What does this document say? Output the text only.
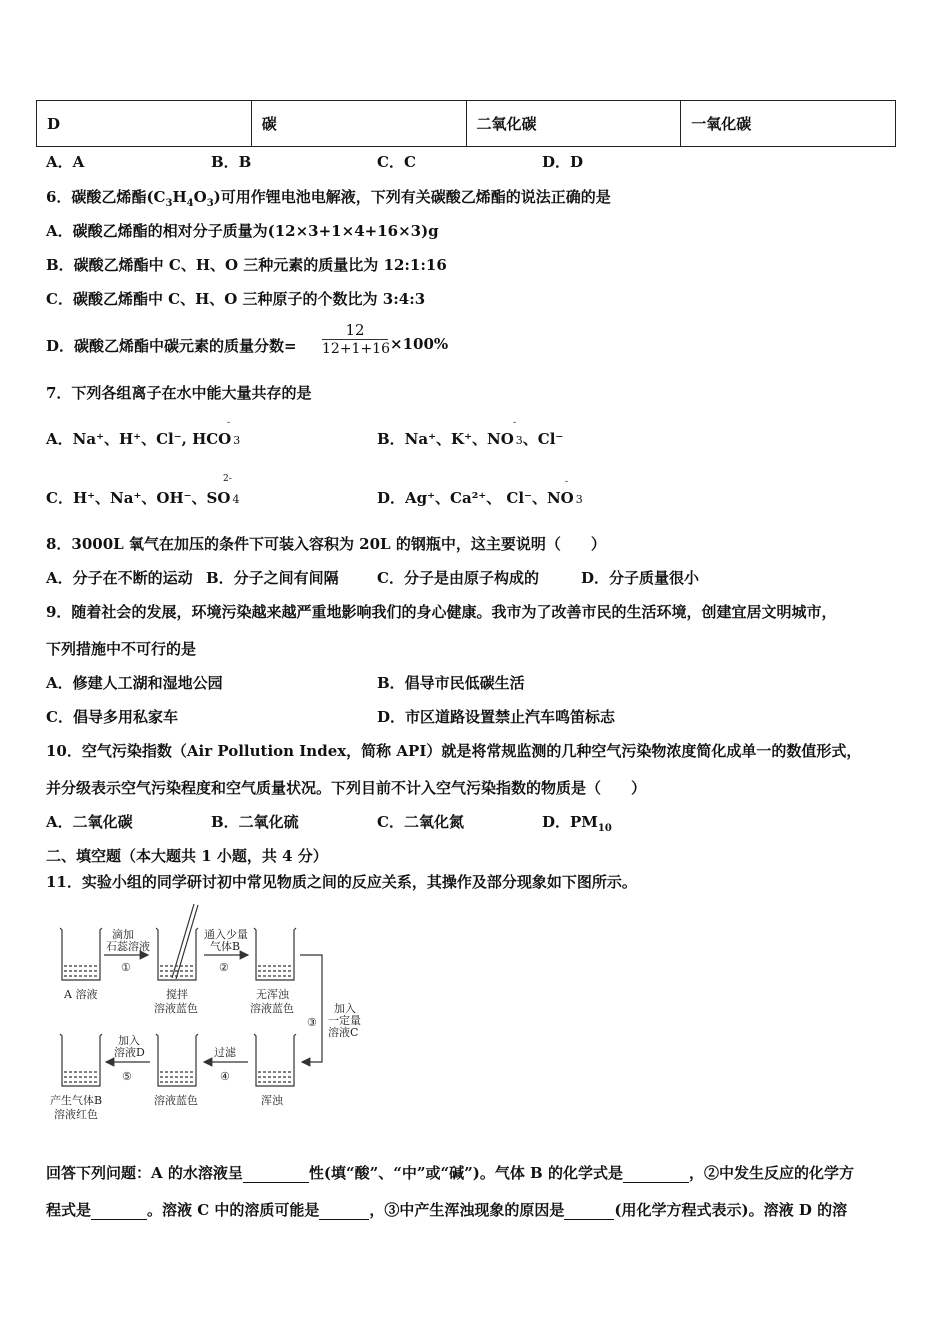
D	碳	二氧化碳	一氧化碳
A．A	B．B	C．C	D．D
6．碳酸乙烯酯$(C_3H_4O_3)$可用作锂电池电解液，下列有关碳酸乙烯酯的说法正确的是
A．碳酸乙烯酯的相对分子质量为(12×3+1×4+16×3)g
B．碳酸乙烯酯中 C、H、O 三种元素的质量比为 12:1:16
C．碳酸乙烯酯中 C、H、O 三种原子的个数比为 3:4:3
D．碳酸乙烯酯中碳元素的质量分数= $\frac{12}{12+1+16} \times 100\%$
7．下列各组离子在水中能大量共存的是
A．Na⁺、H⁺、Cl⁻, HCO 3
-
B．Na⁺、K⁺、NO 3、Cl⁻
-
C．H⁺、Na⁺、OH⁻、SO 4
2-
D．Ag⁺、Ca²⁺、 Cl⁻、NO 3
-
8．3000L 氧气在加压的条件下可装入容积为 20L 的钢瓶中，这主要说明（　　）
A．分子在不断的运动 B．分子之间有间隔	C．分子是由原子构成的	D．分子质量很小
9．随着社会的发展，环境污染越来越严重地影响我们的身心健康。我市为了改善市民的生活环境，创建宜居文明城市，
下列措施中不可行的是
A．修建人工湖和湿地公园	B．倡导市民低碳生活
C．倡导多用私家车	D．市区道路设置禁止汽车鸣笛标志
10．空气污染指数（Air Pollution Index，简称 API）就是将常规监测的几种空气污染物浓度简化成单一的数值形式，
并分级表示空气污染程度和空气质量状况。下列目前不计入空气污染指数的物质是（　　）
A．二氧化碳	B．二氧化硫	C．二氧化氮	D．$PM_{10}$
二、填空题（本大题共 1 小题，共 4 分）
11．实验小组的同学研讨初中常见物质之间的反应关系，其操作及部分现象如下图所示。
A 溶液
滴加
石蕊溶液
①
搅拌
溶液蓝色
通入少量
气体B
②
无浑浊
溶液蓝色	加入
一定量
溶液C
③
浑浊
过滤
④
溶液蓝色
加入
溶液D
⑤
产生气体B
溶液红色
回答下列问题：A 的水溶液呈	性(填“酸”、“中”或“碱”)。气体 B 的化学式是	，②中发生反应的化学方
程式是	。溶液 C 中的溶质可能是	，③中产生浑浊现象的原因是	(用化学方程式表示)。溶液 D 的溶
